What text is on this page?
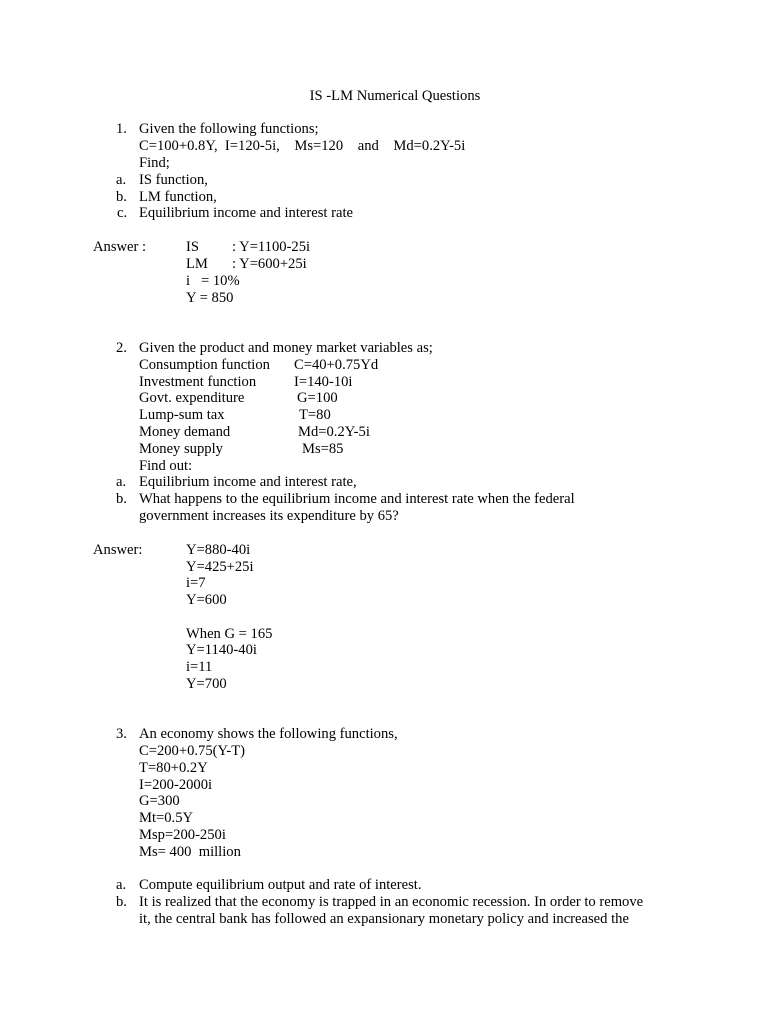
IS -LM Numerical Questions
1. Given the following functions;
C=100+0.8Y,  I=120-5i,    Ms=120    and    Md=0.2Y-5i
Find;
a. IS function,
b. LM function,
c. Equilibrium income and interest rate
Answer :	IS : Y=1100-25i
LM : Y=600+25i
i   = 10%
Y = 850
2. Given the product and money market variables as;
Consumption function C=40+0.75Yd
Investment function	I=140-10i
Govt. expenditure	G=100
Lump-sum tax	T=80
Money demand	Md=0.2Y-5i
Money supply	Ms=85
Find out:
a. Equilibrium income and interest rate,
b. What happens to the equilibrium income and interest rate when the federal
government increases its expenditure by 65?
Answer:	Y=880-40i
Y=425+25i
i=7
Y=600
When G = 165
Y=1140-40i
i=11
Y=700
3. An economy shows the following functions,
C=200+0.75(Y-T)
T=80+0.2Y
I=200-2000i
G=300
Mt=0.5Y
Msp=200-250i
Ms= 400  million
a. Compute equilibrium output and rate of interest.
b. It is realized that the economy is trapped in an economic recession. In order to remove
it, the central bank has followed an expansionary monetary policy and increased the
